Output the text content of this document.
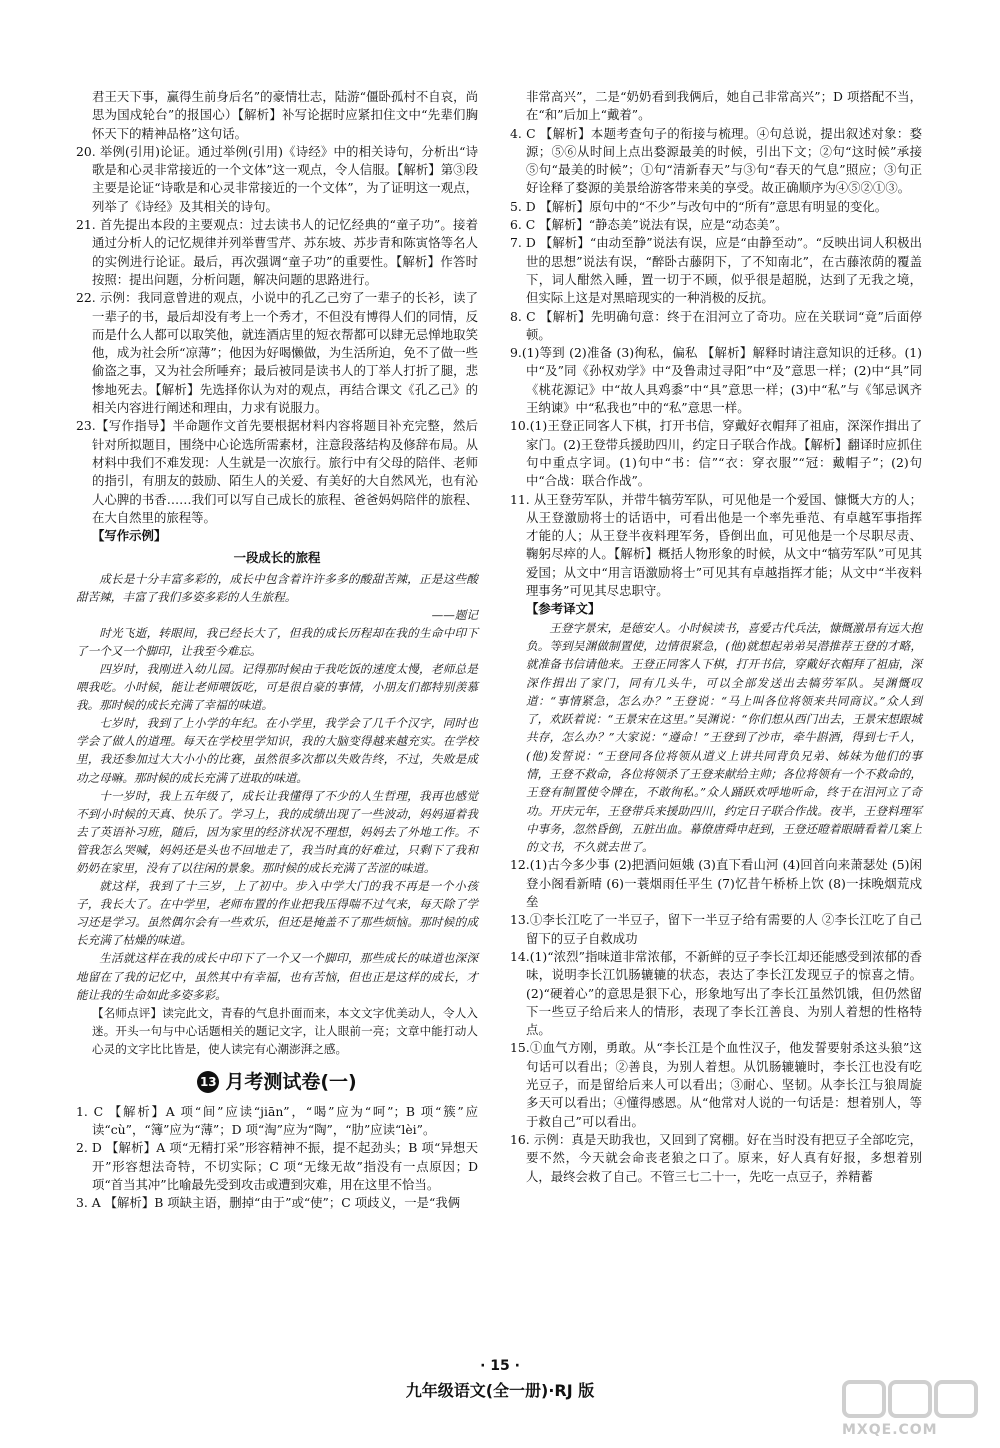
君王天下事，赢得生前身后名”的豪情壮志，陆游“僵卧孤村不自哀，尚思为国戍轮台”的报国心）【解析】补写论据时应紧扣住文中“先辈们胸怀天下的精神品格”这句话。

20. 举例(引用)论证。通过举例(引用)《诗经》中的相关诗句，分析出“诗歌是和心灵非常接近的一个文体”这一观点，令人信服。【解析】第③段主要是论证“诗歌是和心灵非常接近的一个文体”，为了证明这一观点，列举了《诗经》及其相关的诗句。

21. 首先提出本段的主要观点：过去读书人的记忆经典的“童子功”。接着通过分析人的记忆规律并列举曹雪芹、苏东坡、苏步青和陈寅恪等名人的实例进行论证。最后，再次强调“童子功”的重要性。【解析】作答时按照：提出问题，分析问题，解决问题的思路进行。

22. 示例：我同意曾进的观点，小说中的孔乙己穷了一辈子的长衫，读了一辈子的书，最后却没有考上一个秀才，不但没有博得人们的同情，反而是什么人都可以取笑他，就连酒店里的短衣帮都可以肆无忌惮地取笑他，成为社会所“凉薄”；他因为好喝懒做，为生活所迫，免不了做一些偷盗之事，又为社会所唾弃；最后被同是读书人的丁举人打折了腿，悲惨地死去。【解析】先选择你认为对的观点，再结合课文《孔乙己》的相关内容进行阐述和理由，力求有说服力。

23.【写作指导】半命题作文首先要根据材料内容将题目补充完整，然后针对所拟题目，围绕中心论选所需素材，注意段落结构及修辞布局。从材料中我们不难发现：人生就是一次旅行。旅行中有父母的陪伴、老师的指引，有朋友的鼓励、陌生人的关爱、有美好的大自然风光，也有沁人心脾的书香……我们可以写自己成长的旅程、爸爸妈妈陪伴的旅程、在大自然里的旅程等。

【写作示例】

一段成长的旅程

成长是十分丰富多彩的，成长中包含着许许多多的酸甜苦辣，正是这些酸甜苦辣，丰富了我们多姿多彩的人生旅程。

——题记

时光飞逝，转眼间，我已经长大了，但我的成长历程却在我的生命中印下了一个又一个脚印，让我至今难忘。

四岁时，我刚进入幼儿园。记得那时候由于我吃饭的速度太慢，老师总是喂我吃。小时候，能让老师喂饭吃，可是很自豪的事情，小朋友们都特别羡慕我。那时候的成长充满了幸福的味道。

七岁时，我到了上小学的年纪。在小学里，我学会了几千个汉字，同时也学会了做人的道理。每天在学校里学知识，我的大脑变得越来越充实。在学校里，我还参加过大大小小的比赛，虽然很多次都以失败告终，不过，失败是成功之母嘛。那时候的成长充满了进取的味道。

十一岁时，我上五年级了，成长让我懂得了不少的人生哲理，我再也感觉不到小时候的天真、快乐了。学习上，我的成绩出现了一些波动，妈妈逼着我去了英语补习班，随后，因为家里的经济状况不理想，妈妈去了外地工作。不管我怎么哭喊，妈妈还是头也不回地走了，我当时真的好难过，只剩下了我和奶奶在家里，没有了以往闲的景象。那时候的成长充满了苦涩的味道。

就这样，我到了十三岁，上了初中。步入中学大门的我不再是一个小孩子，我长大了。在中学里，老师布置的作业把我压得喘不过气来，每天除了学习还是学习。虽然偶尔会有一些欢乐，但还是掩盖不了那些烦恼。那时候的成长充满了枯燥的味道。

生活就这样在我的成长中印下了一个又一个脚印，那些成长的味道也深深地留在了我的记忆中，虽然其中有幸福，也有苦恼，但也正是这样的成长，才能让我的生命如此多姿多彩。

【名师点评】读完此文，青春的气息扑面而来，本文文字优美动人，令人入迷。开头一句与中心话题相关的题记文字，让人眼前一亮；文章中能打动人心灵的文字比比皆是，使人读完有心潮澎湃之感。

13 月考测试卷(一)

1. C 【解析】A 项“间”应读“jiān”，“喝”应为“呵”；B 项“簇”应读“cù”，“簿”应为“薄”；D 项“淘”应为“陶”，“肋”应读“lèi”。

2. D 【解析】A 项“无精打采”形容精神不振，提不起劲头；B 项“异想天开”形容想法奇特，不切实际；C 项“无缘无故”指没有一点原因；D 项“首当其冲”比喻最先受到攻击或遭到灾难，用在这里不恰当。

3. A 【解析】B 项缺主语，删掉“由于”或“使”；C 项歧义，一是“我俩

非常高兴”，二是“奶奶看到我俩后，她自己非常高兴”；D 项搭配不当，在“和”后加上“戴着”。

4. C 【解析】本题考查句子的衔接与梳理。④句总说，提出叙述对象：婺源；⑤⑥从时间上点出婺源最美的时候，引出下文；②句“这时候”承接⑤句“最美的时候”；①句“清新春天”与③句“春天的气息”照应；③句正好诠释了婺源的美景给游客带来美的享受。故正确顺序为④⑤②①③。

5. D 【解析】原句中的“不少”与改句中的“所有”意思有明显的变化。

6. C 【解析】“静态美”说法有误，应是“动态美”。

7. D 【解析】“由动至静”说法有误，应是“由静至动”。“反映出词人积极出世的思想”说法有误，“醉卧古藤阴下，了不知南北”，在古藤浓荫的覆盖下，词人酣然入睡，置一切于不顾，似乎很是超脱，达到了无我之境，但实际上这是对黑暗现实的一种消极的反抗。

8. C 【解析】先明确句意：终于在泪河立了奇功。应在关联词“竟”后面停顿。

9.(1)等到 (2)准备 (3)徇私，偏私 【解析】解释时请注意知识的迁移。(1)中“及”同《孙权劝学》中“及鲁肃过寻阳”中“及”意思一样；(2)中“具”同《桃花源记》中“故人具鸡黍”中“具”意思一样；(3)中“私”与《邹忌讽齐王纳谏》中“私我也”中的“私”意思一样。

10.(1)王登正同客人下棋，打开书信，穿戴好衣帽拜了祖庙，深深作揖出了家门。(2)王登带兵援助四川，约定日子联合作战。【解析】翻译时应抓住句中重点字词。(1)句中“书：信”“衣：穿衣服”“冠：戴帽子”；(2)句中“合战：联合作战”。

11. 从王登劳军队，并带牛犒劳军队，可见他是一个爱国、慷慨大方的人；从王登激励将士的话语中，可看出他是一个率先垂范、有卓越军事指挥才能的人；从王登半夜料理军务，昏倒出血，可见他是一个尽职尽责、鞠躬尽瘁的人。【解析】概括人物形象的时候，从文中“犒劳军队”可见其爱国；从文中“用言语激励将士”可见其有卓越指挥才能；从文中“半夜料理事务”可见其尽忠职守。

【参考译文】

王登字景宋，是德安人。小时候读书，喜爱古代兵法，慷慨激昂有远大抱负。等到吴渊做制置使，边情很紧急，(他)就想起弟弟吴潜推荐王登的才略，就准备书信请他来。王登正同客人下棋，打开书信，穿戴好衣帽拜了祖庙，深深作揖出了家门，同有几头牛，可以全部发送出去犒劳军队。吴渊慨叹道：“事情紧急，怎么办？”王登说：“马上叫各位将领来共同商议。”众人到了，欢跃着说：“王景宋在这里。”吴渊说：“你们想从西门出去，王景宋想跟城共存，怎么办？”大家说：“遵命！”王登到了沙市，牵牛斟酒，得到七千人，(他)发誓说：“王登同各位将领从道义上讲共同背负兄弟、姊妹为他们的事情，王登不救命，各位将领杀了王登来献给主帅；各位将领有一个不救命的，王登有制置使令牌在，不敢徇私。”众人踊跃欢呼地听命，终于在泪河立了奇功。开庆元年，王登带兵来援助四川，约定日子联合作战。夜半，王登料理军中事务，忽然昏倒，五脏出血。幕僚唐舜申赶到，王登还瞪着眼睛看着几案上的文书，不久就去世了。

12.(1)古今多少事 (2)把酒问姮娥 (3)直下看山河 (4)回首向来萧瑟处 (5)闲登小阁看新晴 (6)一蓑烟雨任平生 (7)忆昔午桥桥上饮 (8)一抹晚烟荒戍垒

13.①李长江吃了一半豆子，留下一半豆子给有需要的人 ②李长江吃了自己留下的豆子自救成功

14.(1)“浓烈”指味道非常浓郁，不新鲜的豆子李长江却还能感受到浓郁的香味，说明李长江饥肠辘辘的状态，表达了李长江发现豆子的惊喜之情。(2)“硬着心”的意思是狠下心，形象地写出了李长江虽然饥饿，但仍然留下一些豆子给后来人的情形，表现了李长江善良、为别人着想的性格特点。

15.①血气方刚，勇敢。从“李长江是个血性汉子，他发誓要射杀这头狼”这句话可以看出；②善良，为别人着想。从饥肠辘辘时，李长江也没有吃光豆子，而是留给后来人可以看出；③耐心、坚韧。从李长江与狼周旋多天可以看出；④懂得感恩。从“他常对人说的一句话是：想着别人，等于救自己”可以看出。

16. 示例：真是天助我也，又回到了窝棚。好在当时没有把豆子全部吃完，要不然，今天就会命丧老狼之口了。原来，好人真有好报，多想着别人，最终会救了自己。不管三七二十一，先吃一点豆子，养精蓄

· 15 ·
九年级语文(全一册)·RJ 版
MXQE.COM
